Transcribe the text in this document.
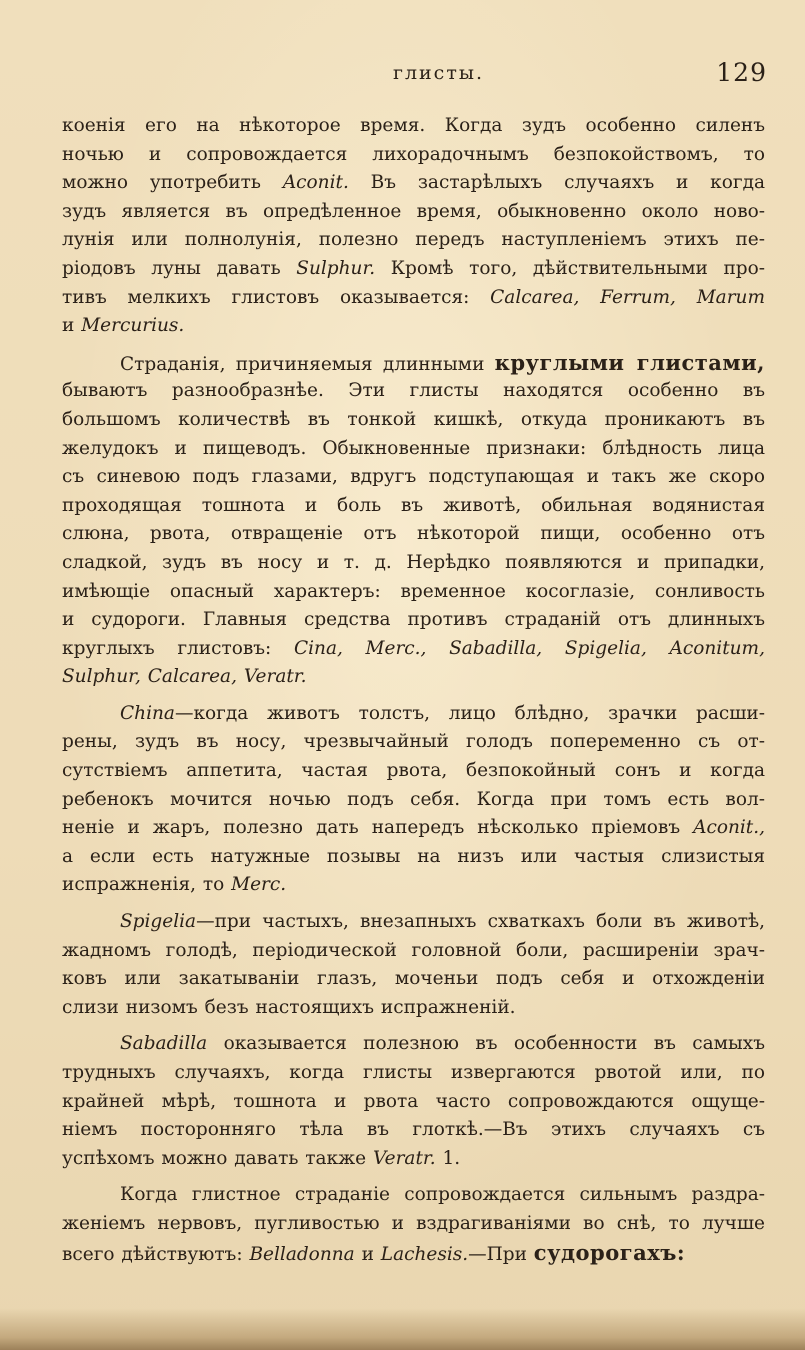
глисты.	129
коенія его на нѣкоторое время. Когда зудъ особенно силенъ
ночью и сопровождается лихорадочнымъ безпокойствомъ, то
можно употребить Aconit. Въ застарѣлыхъ случаяхъ и когда
зудъ является въ опредѣленное время, обыкновенно около ново-
лунія или полнолунія, полезно передъ наступленіемъ этихъ пе-
ріодовъ луны давать Sulphur. Кромѣ того, дѣйствительными про-
тивъ мелкихъ глистовъ оказывается: Calcarea, Ferrum, Marum
и Mercurius.
Страданія, причиняемыя длинными круглыми глистами,
бываютъ разнообразнѣе. Эти глисты находятся особенно въ
большомъ количествѣ въ тонкой кишкѣ, откуда проникаютъ въ
желудокъ и пищеводъ. Обыкновенные признаки: блѣдность лица
съ синевою подъ глазами, вдругъ подступающая и такъ же скоро
проходящая тошнота и боль въ животѣ, обильная водянистая
слюна, рвота, отвращеніе отъ нѣкоторой пищи, особенно отъ
сладкой, зудъ въ носу и т. д. Нерѣдко появляются и припадки,
имѣющіе опасный характеръ: временное косоглазіе, сонливость
и судороги. Главныя средства противъ страданій отъ длинныхъ
круглыхъ глистовъ: Cina, Merc., Sabadilla, Spigelia, Aconitum,
Sulphur, Calcarea, Veratr.
China—когда животъ толстъ, лицо блѣдно, зрачки расши-
рены, зудъ въ носу, чрезвычайный голодъ попеременно съ от-
сутствіемъ аппетита, частая рвота, безпокойный сонъ и когда
ребенокъ мочится ночью подъ себя. Когда при томъ есть вол-
неніе и жаръ, полезно дать напередъ нѣсколько пріемовъ Aconit.,
а если есть натужные позывы на низъ или частыя слизистыя
испражненія, то Merc.
Spigelia—при частыхъ, внезапныхъ схваткахъ боли въ животѣ,
жадномъ голодѣ, періодической головной боли, расширеніи зрач-
ковъ или закатываніи глазъ, моченьи подъ себя и отхожденіи
слизи низомъ безъ настоящихъ испражненій.
Sabadilla оказывается полезною въ особенности въ самыхъ
трудныхъ случаяхъ, когда глисты извергаются рвотой или, по
крайней мѣрѣ, тошнота и рвота часто сопровождаются ощуще-
ніемъ посторонняго тѣла въ глоткѣ.—Въ этихъ случаяхъ съ
успѣхомъ можно давать также Veratr. 1.
Когда глистное страданіе сопровождается сильнымъ раздра-
женіемъ нервовъ, пугливостью и вздрагиваніями во снѣ, то лучше
всего дѣйствуютъ: Belladonna и Lachesis.—При судорогахъ:
